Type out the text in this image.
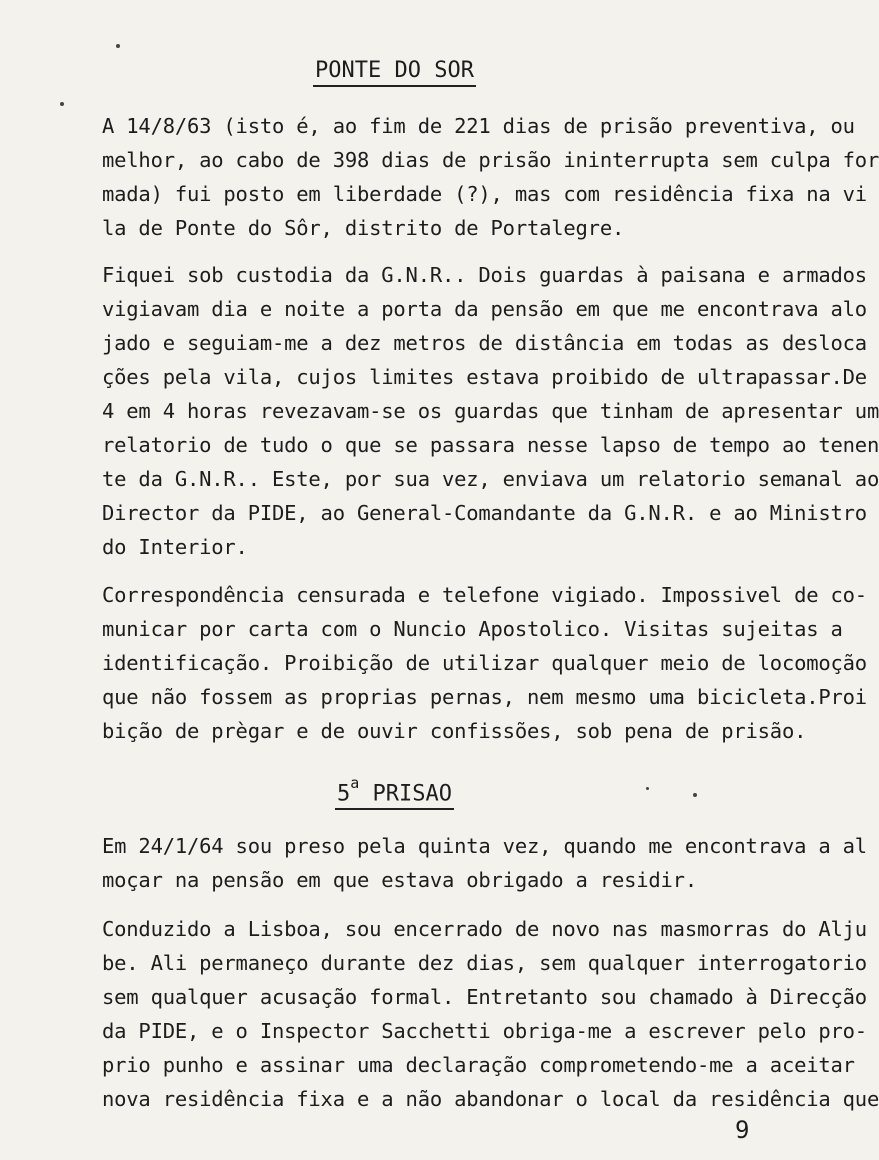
PONTE DO SOR
A 14/8/63 (isto é, ao fim de 221 dias de prisão preventiva, ou
melhor, ao cabo de 398 dias de prisão ininterrupta sem culpa for
mada) fui posto em liberdade (?), mas com residência fixa na vi
la de Ponte do Sôr, distrito de Portalegre.
Fiquei sob custodia da G.N.R.. Dois guardas à paisana e armados
vigiavam dia e noite a porta da pensão em que me encontrava alo
jado e seguiam-me a dez metros de distância em todas as desloca
ções pela vila, cujos limites estava proibido de ultrapassar.De
4 em 4 horas revezavam-se os guardas que tinham de apresentar um
relatorio de tudo o que se passara nesse lapso de tempo ao tenen
te da G.N.R.. Este, por sua vez, enviava um relatorio semanal ao
Director da PIDE, ao General-Comandante da G.N.R. e ao Ministro
do Interior.
Correspondência censurada e telefone vigiado. Impossivel de co-
municar por carta com o Nuncio Apostolico. Visitas sujeitas a
identificação. Proibição de utilizar qualquer meio de locomoção
que não fossem as proprias pernas, nem mesmo uma bicicleta.Proi
bição de prègar e de ouvir confissões, sob pena de prisão.
5$^a$ PRISAO
Em 24/1/64 sou preso pela quinta vez, quando me encontrava a al
moçar na pensão em que estava obrigado a residir.
Conduzido a Lisboa, sou encerrado de novo nas masmorras do Alju
be. Ali permaneço durante dez dias, sem qualquer interrogatorio
sem qualquer acusação formal. Entretanto sou chamado à Direcção
da PIDE, e o Inspector Sacchetti obriga-me a escrever pelo pro-
prio punho e assinar uma declaração comprometendo-me a aceitar
nova residência fixa e a não abandonar o local da residência que
9
